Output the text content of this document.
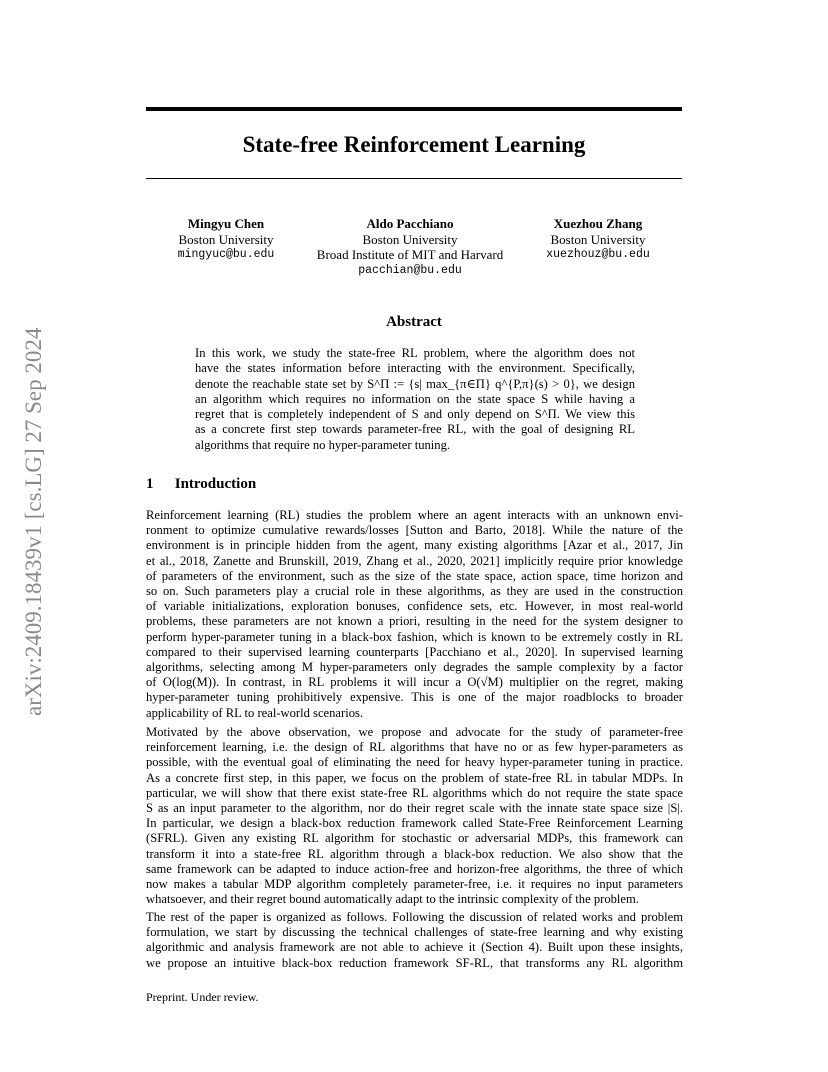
arXiv:2409.18439v1 [cs.LG] 27 Sep 2024
State-free Reinforcement Learning
Mingyu Chen
Boston University
mingyuc@bu.edu
Aldo Pacchiano
Boston University
Broad Institute of MIT and Harvard
pacchian@bu.edu
Xuezhou Zhang
Boston University
xuezhouz@bu.edu
Abstract
In this work, we study the state-free RL problem, where the algorithm does not
have the states information before interacting with the environment. Specifically,
denote the reachable state set by S^Π := {s| max_{π∈Π} q^{P,π}(s) > 0}, we design
an algorithm which requires no information on the state space S while having a
regret that is completely independent of S and only depend on S^Π. We view this
as a concrete first step towards parameter-free RL, with the goal of designing RL
algorithms that require no hyper-parameter tuning.
1 Introduction
Reinforcement learning (RL) studies the problem where an agent interacts with an unknown envi-
ronment to optimize cumulative rewards/losses [Sutton and Barto, 2018]. While the nature of the
environment is in principle hidden from the agent, many existing algorithms [Azar et al., 2017, Jin
et al., 2018, Zanette and Brunskill, 2019, Zhang et al., 2020, 2021] implicitly require prior knowledge
of parameters of the environment, such as the size of the state space, action space, time horizon and
so on. Such parameters play a crucial role in these algorithms, as they are used in the construction
of variable initializations, exploration bonuses, confidence sets, etc. However, in most real-world
problems, these parameters are not known a priori, resulting in the need for the system designer to
perform hyper-parameter tuning in a black-box fashion, which is known to be extremely costly in RL
compared to their supervised learning counterparts [Pacchiano et al., 2020]. In supervised learning
algorithms, selecting among M hyper-parameters only degrades the sample complexity by a factor
of O(log(M)). In contrast, in RL problems it will incur a O(√M) multiplier on the regret, making
hyper-parameter tuning prohibitively expensive. This is one of the major roadblocks to broader
applicability of RL to real-world scenarios.
Motivated by the above observation, we propose and advocate for the study of parameter-free
reinforcement learning, i.e. the design of RL algorithms that have no or as few hyper-parameters as
possible, with the eventual goal of eliminating the need for heavy hyper-parameter tuning in practice.
As a concrete first step, in this paper, we focus on the problem of state-free RL in tabular MDPs. In
particular, we will show that there exist state-free RL algorithms which do not require the state space
S as an input parameter to the algorithm, nor do their regret scale with the innate state space size |S|.
In particular, we design a black-box reduction framework called State-Free Reinforcement Learning
(SFRL). Given any existing RL algorithm for stochastic or adversarial MDPs, this framework can
transform it into a state-free RL algorithm through a black-box reduction. We also show that the
same framework can be adapted to induce action-free and horizon-free algorithms, the three of which
now makes a tabular MDP algorithm completely parameter-free, i.e. it requires no input parameters
whatsoever, and their regret bound automatically adapt to the intrinsic complexity of the problem.
The rest of the paper is organized as follows. Following the discussion of related works and problem
formulation, we start by discussing the technical challenges of state-free learning and why existing
algorithmic and analysis framework are not able to achieve it (Section 4). Built upon these insights,
we propose an intuitive black-box reduction framework SF-RL, that transforms any RL algorithm
Preprint. Under review.
